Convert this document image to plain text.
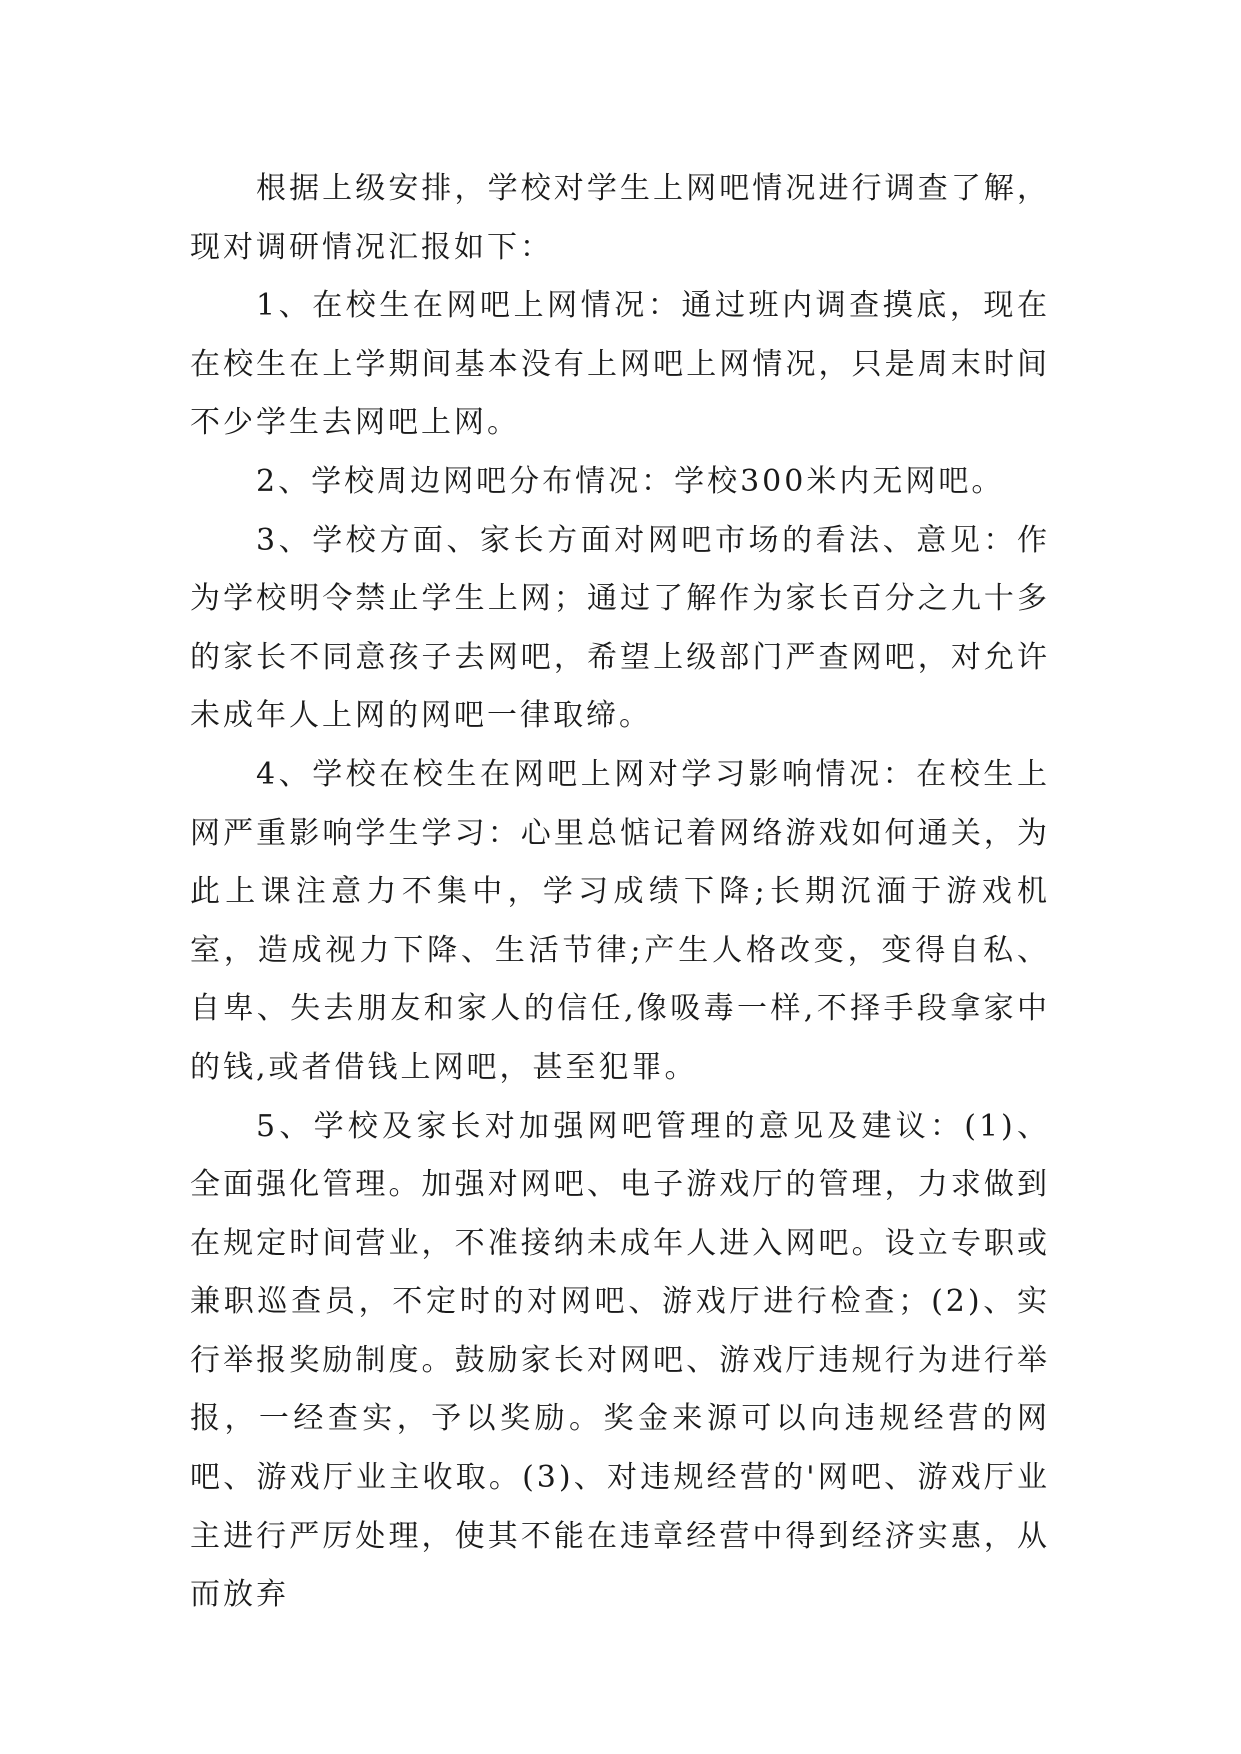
根据上级安排，学校对学生上网吧情况进行调查了解，现对调研情况汇报如下：

1、在校生在网吧上网情况：通过班内调查摸底，现在在校生在上学期间基本没有上网吧上网情况，只是周末时间不少学生去网吧上网。

2、学校周边网吧分布情况：学校300米内无网吧。

3、学校方面、家长方面对网吧市场的看法、意见：作为学校明令禁止学生上网；通过了解作为家长百分之九十多的家长不同意孩子去网吧，希望上级部门严查网吧，对允许未成年人上网的网吧一律取缔。

4、学校在校生在网吧上网对学习影响情况：在校生上网严重影响学生学习：心里总惦记着网络游戏如何通关，为此上课注意力不集中，学习成绩下降;长期沉湎于游戏机室，造成视力下降、生活节律;产生人格改变，变得自私、自卑、失去朋友和家人的信任,像吸毒一样,不择手段拿家中的钱,或者借钱上网吧，甚至犯罪。

5、学校及家长对加强网吧管理的意见及建议：(1)、全面强化管理。加强对网吧、电子游戏厅的管理，力求做到在规定时间营业，不准接纳未成年人进入网吧。设立专职或兼职巡查员，不定时的对网吧、游戏厅进行检查；(2)、实行举报奖励制度。鼓励家长对网吧、游戏厅违规行为进行举报，一经查实，予以奖励。奖金来源可以向违规经营的网吧、游戏厅业主收取。(3)、对违规经营的'网吧、游戏厅业主进行严厉处理，使其不能在违章经营中得到经济实惠，从而放弃
